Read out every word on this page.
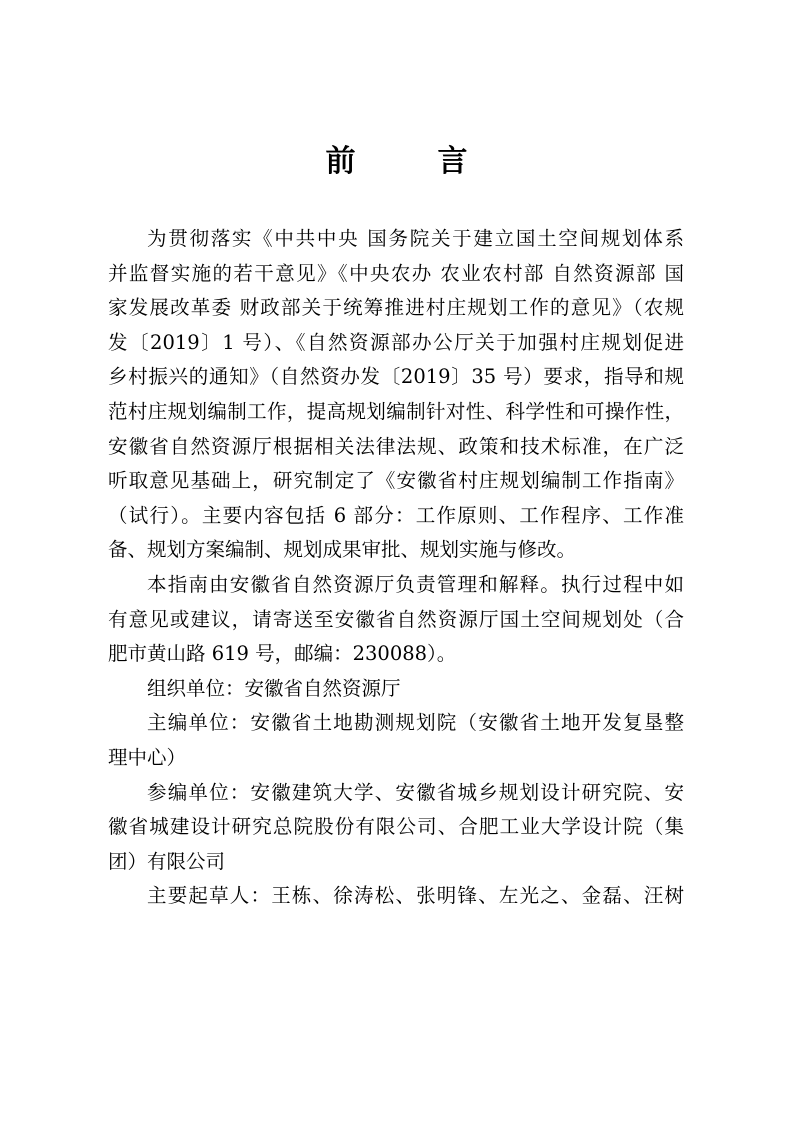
前　言
为贯彻落实《中共中央 国务院关于建立国土空间规划体系
并监督实施的若干意见》《中央农办 农业农村部 自然资源部 国
家发展改革委 财政部关于统筹推进村庄规划工作的意见》（农规
发〔2019〕1 号）、《自然资源部办公厅关于加强村庄规划促进
乡村振兴的通知》（自然资办发〔2019〕35 号）要求，指导和规
范村庄规划编制工作，提高规划编制针对性、科学性和可操作性，
安徽省自然资源厅根据相关法律法规、政策和技术标准，在广泛
听取意见基础上，研究制定了《安徽省村庄规划编制工作指南》
（试行）。主要内容包括 6 部分：工作原则、工作程序、工作准
备、规划方案编制、规划成果审批、规划实施与修改。
本指南由安徽省自然资源厅负责管理和解释。执行过程中如
有意见或建议，请寄送至安徽省自然资源厅国土空间规划处（合
肥市黄山路 619 号，邮编：230088）。
组织单位：安徽省自然资源厅
主编单位：安徽省土地勘测规划院（安徽省土地开发复垦整
理中心）
参编单位：安徽建筑大学、安徽省城乡规划设计研究院、安
徽省城建设计研究总院股份有限公司、合肥工业大学设计院（集
团）有限公司
主要起草人：王栋、徐涛松、张明锋、左光之、金磊、汪树
